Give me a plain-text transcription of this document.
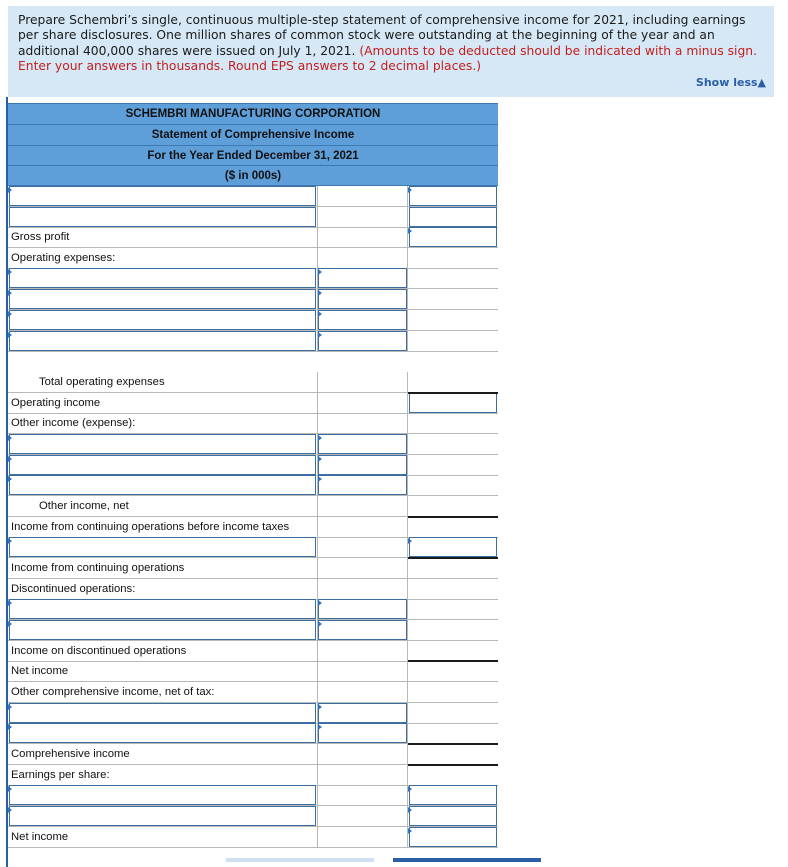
Prepare Schembri’s single, continuous multiple-step statement of comprehensive income for 2021, including earnings per share disclosures. One million shares of common stock were outstanding at the beginning of the year and an additional 400,000 shares were issued on July 1, 2021. (Amounts to be deducted should be indicated with a minus sign. Enter your answers in thousands. Round EPS answers to 2 decimal places.)
Show less▲
SCHEMBRI MANUFACTURING CORPORATION
Statement of Comprehensive Income
For the Year Ended December 31, 2021
($ in 000s)
Gross profit
Operating expenses:
Total operating expenses
Operating income
Other income (expense):
Other income, net
Income from continuing operations before income taxes
Income from continuing operations
Discontinued operations:
Income on discontinued operations
Net income
Other comprehensive income, net of tax:
Comprehensive income
Earnings per share:
Net income
